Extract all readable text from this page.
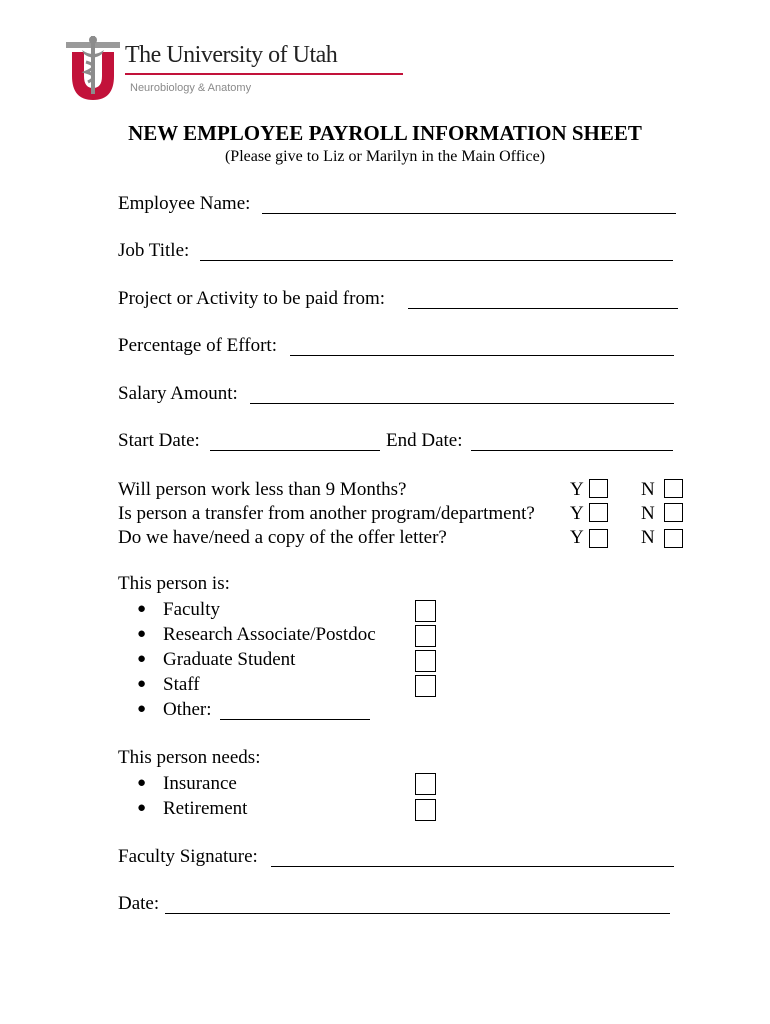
The University of Utah
Neurobiology & Anatomy
NEW EMPLOYEE PAYROLL INFORMATION SHEET
(Please give to Liz or Marilyn in the Main Office)
Employee Name:
Job Title:
Project or Activity to be paid from:
Percentage of Effort:
Salary Amount:
Start Date:	End Date:
Will person work less than 9 Months?	Y	N
Is person a transfer from another program/department? Y	N
Do we have/need a copy of the offer letter?	Y	N
This person is:
● Faculty
● Research Associate/Postdoc
● Graduate Student
● Staff
● Other:
This person needs:
● Insurance
● Retirement
Faculty Signature:
Date:
